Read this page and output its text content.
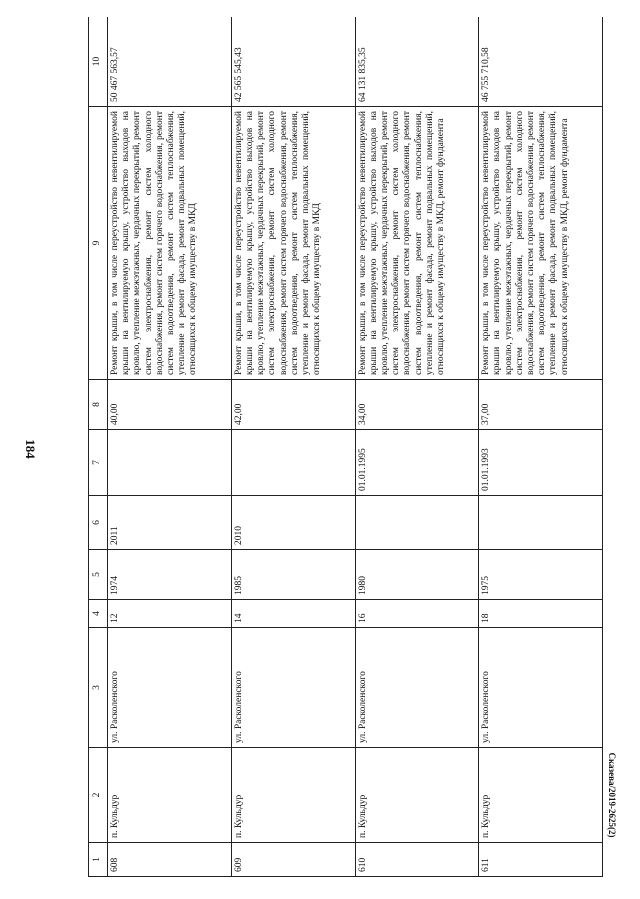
184
1	2	3	4	5	6	7	8	9	10
608	п. Кульдур	ул. Расколенского	12	1974	2011		40,00	Ремонт крыши, в том числе переустройство невентилируемой крыши на вентилируемую крышу, устройство выходов на кровлю, утепление межэтажных, чердачных перекрытий, ремонт систем электроснабжения, ремонт систем холодного водоснабжения, ремонт систем горячего водоснабжения, ремонт систем водоотведения, ремонт систем теплоснабжения, утепление и ремонт фасада, ремонт подвальных помещений, относящихся к общему имуществу в МКД	50 467 563,57
609	п. Кульдур	ул. Расколенского	14	1985	2010		42,00	Ремонт крыши, в том числе переустройство невентилируемой крыши на вентилируемую крышу, устройство выходов на кровлю, утепление межэтажных, чердачных перекрытий, ремонт систем электроснабжения, ремонт систем холодного водоснабжения, ремонт систем горячего водоснабжения, ремонт систем водоотведения, ремонт систем теплоснабжения, утепление и ремонт фасада, ремонт подвальных помещений, относящихся к общему имуществу в МКД	42 565 545,43
610	п. Кульдур	ул. Расколенского	16	1980		01.01.1995	34,00	Ремонт крыши, в том числе переустройство невентилируемой крыши на вентилируемую крышу, устройство выходов на кровлю, утепление межэтажных, чердачных перекрытий, ремонт систем электроснабжения, ремонт систем холодного водоснабжения, ремонт систем горячего водоснабжения, ремонт систем водоотведения, ремонт систем теплоснабжения, утепление и ремонт фасада, ремонт подвальных помещений, относящихся к общему имуществу в МКД, ремонт фундамента	64 131 835,35
611	п. Кульдур	ул. Расколенского	18	1975		01.01.1993	37,00	Ремонт крыши, в том числе переустройство невентилируемой крыши на вентилируемую крышу, устройство выходов на кровлю, утепление межэтажных, чердачных перекрытий, ремонт систем электроснабжения, ремонт систем холодного водоснабжения, ремонт систем горячего водоснабжения, ремонт систем водоотведения, ремонт систем теплоснабжения, утепление и ремонт фасада, ремонт подвальных помещений, относящихся к общему имуществу в МКД, ремонт фундамента	46 755 710,58
Сказева/2019-2625(2)
